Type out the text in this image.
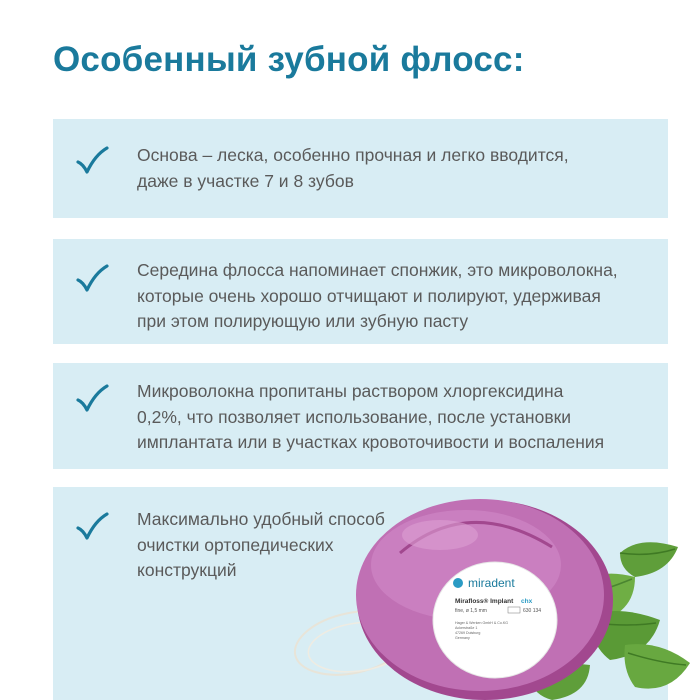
Особенный зубной флосс:
Основа – леска, особенно прочная и легко вводится,
даже в участке 7 и 8 зубов
Середина флосса напоминает спонжик, это микроволокна,
которые очень хорошо отчищают и полируют, удерживая
при этом полирующую или зубную пасту
Микроволокна пропитаны раствором хлоргексидина
0,2%, что позволяет использование, после установки
имплантата или в участках кровоточивости и воспаления
Максимально удобный способ
очистки ортопедических
конструкций
miradent
Mirafloss® Implant chx
fine, ø 1,5 mm	630 134
Hager & Werken GmbH & Co.KG
Ackerstraße 1
47269 Duisburg
Germany
